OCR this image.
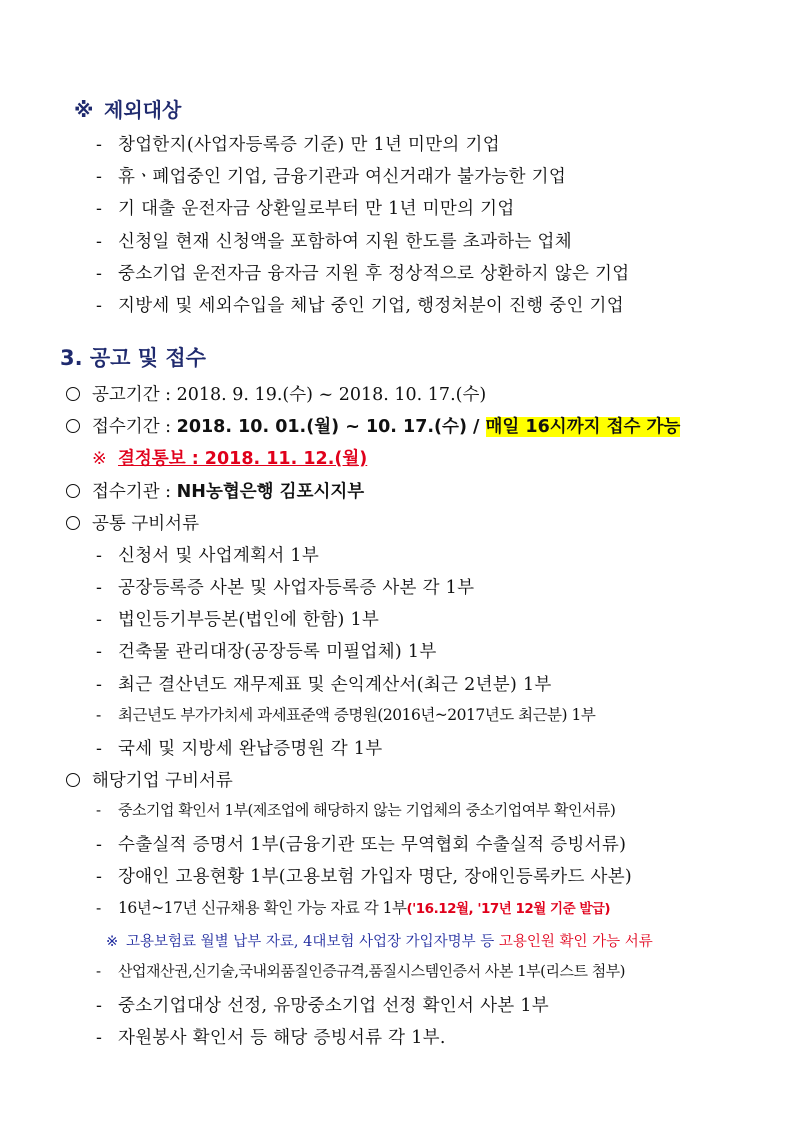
※ 제외대상
- 창업한지(사업자등록증 기준) 만 1년 미만의 기업
- 휴ㆍ폐업중인 기업, 금융기관과 여신거래가 불가능한 기업
- 기 대출 운전자금 상환일로부터 만 1년 미만의 기업
- 신청일 현재 신청액을 포함하여 지원 한도를 초과하는 업체
- 중소기업 운전자금 융자금 지원 후 정상적으로 상환하지 않은 기업
- 지방세 및 세외수입을 체납 중인 기업, 행정처분이 진행 중인 기업
3. 공고 및 접수
공고기간 : 2018. 9. 19.(수) ~ 2018. 10. 17.(수)
접수기간 : 2018. 10. 01.(월) ~ 10. 17.(수) / 매일 16시까지 접수 가능
※ 결정통보 : 2018. 11. 12.(월)
접수기관 : NH농협은행 김포시지부
공통 구비서류
- 신청서 및 사업계획서 1부
- 공장등록증 사본 및 사업자등록증 사본 각 1부
- 법인등기부등본(법인에 한함) 1부
- 건축물 관리대장(공장등록 미필업체) 1부
- 최근 결산년도 재무제표 및 손익계산서(최근 2년분) 1부
- 최근년도 부가가치세 과세표준액 증명원(2016년~2017년도 최근분) 1부
- 국세 및 지방세 완납증명원 각 1부
해당기업 구비서류
- 중소기업 확인서 1부(제조업에 해당하지 않는 기업체의 중소기업여부 확인서류)
- 수출실적 증명서 1부(금융기관 또는 무역협회 수출실적 증빙서류)
- 장애인 고용현황 1부(고용보험 가입자 명단, 장애인등록카드 사본)
- 16년~17년 신규채용 확인 가능 자료 각 1부('16.12월, '17년 12월 기준 발급)
※ 고용보험료 월별 납부 자료, 4대보험 사업장 가입자명부 등 고용인원 확인 가능 서류
- 산업재산권,신기술,국내외품질인증규격,품질시스템인증서 사본 1부(리스트 첨부)
- 중소기업대상 선정, 유망중소기업 선정 확인서 사본 1부
- 자원봉사 확인서 등 해당 증빙서류 각 1부.
